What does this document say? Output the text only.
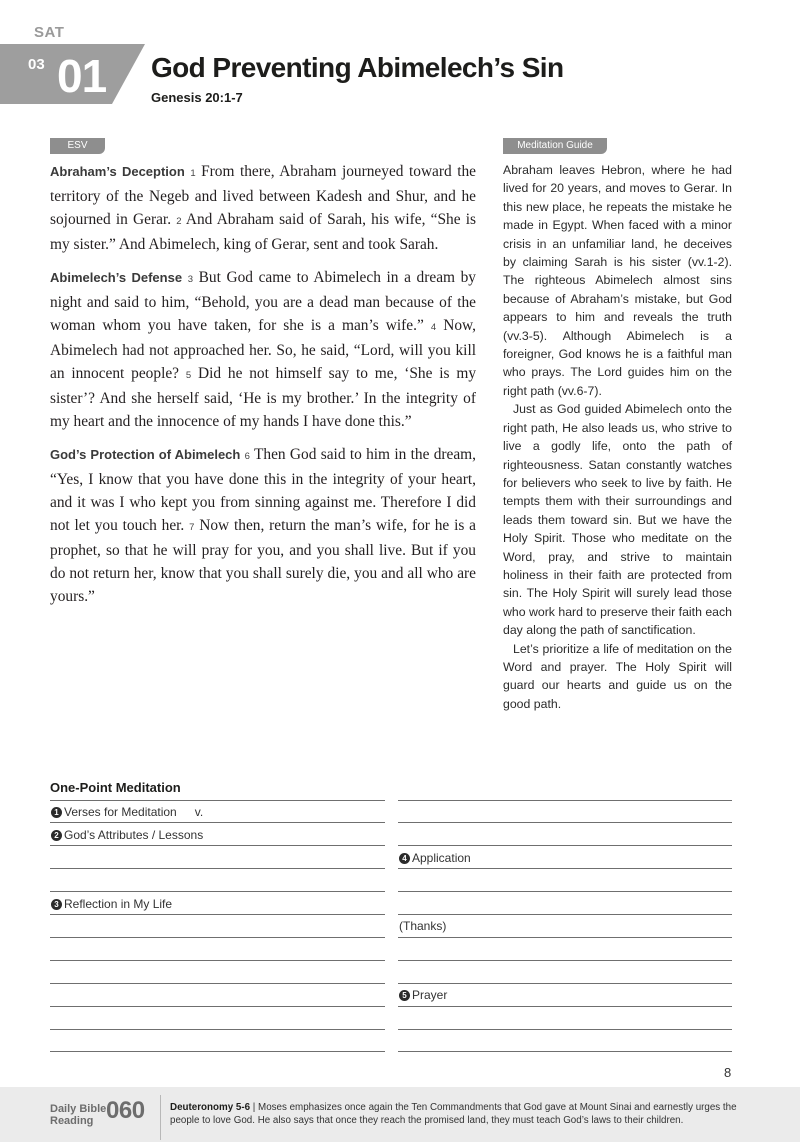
SAT
03 01 God Preventing Abimelech’s Sin
Genesis 20:1-7
ESV	Meditation Guide

Abraham’s Deception 1 From there, Abraham journeyed toward the territory of the Negeb and lived between Kadesh and Shur, and he sojourned in Gerar. 2 And Abraham said of Sarah, his wife, “She is my sister.” And Abimelech, king of Gerar, sent and took Sarah.

Abimelech’s Defense 3 But God came to Abimelech in a dream by night and said to him, “Behold, you are a dead man because of the woman whom you have taken, for she is a man’s wife.” 4 Now, Abimelech had not approached her. So, he said, “Lord, will you kill an innocent people? 5 Did he not himself say to me, ‘She is my sister’? And she herself said, ‘He is my brother.’ In the integrity of my heart and the innocence of my hands I have done this.”

God’s Protection of Abimelech 6 Then God said to him in the dream, “Yes, I know that you have done this in the integrity of your heart, and it was I who kept you from sinning against me. Therefore I did not let you touch her. 7 Now then, return the man’s wife, for he is a prophet, so that he will pray for you, and you shall live. But if you do not return her, know that you shall surely die, you and all who are yours.”

Abraham leaves Hebron, where he had lived for 20 years, and moves to Gerar. In this new place, he repeats the mistake he made in Egypt. When faced with a minor crisis in an unfamiliar land, he deceives by claiming Sarah is his sister (vv.1-2). The righteous Abimelech almost sins because of Abraham’s mistake, but God appears to him and reveals the truth (vv.3-5). Although Abimelech is a foreigner, God knows he is a faithful man who prays. The Lord guides him on the right path (vv.6-7).

Just as God guided Abimelech onto the right path, He also leads us, who strive to live a godly life, onto the path of righteousness. Satan constantly watches for believers who seek to live by faith. He tempts them with their surroundings and leads them toward sin. But we have the Holy Spirit. Those who meditate on the Word, pray, and strive to maintain holiness in their faith are protected from sin. The Holy Spirit will surely lead those who work hard to preserve their faith each day along the path of sanctification.

Let’s prioritize a life of meditation on the Word and prayer. The Holy Spirit will guard our hearts and guide us on the good path.

One-Point Meditation
1 Verses for Meditation v.
2 God’s Attributes / Lessons
3 Reflection in My Life
4 Application
(Thanks)
5 Prayer
8
Daily Bible
Reading 060	Deuteronomy 5-6 | Moses emphasizes once again the Ten Commandments that God gave at Mount Sinai and earnestly urges the people to love God. He also says that once they reach the promised land, they must teach God’s laws to their children.
